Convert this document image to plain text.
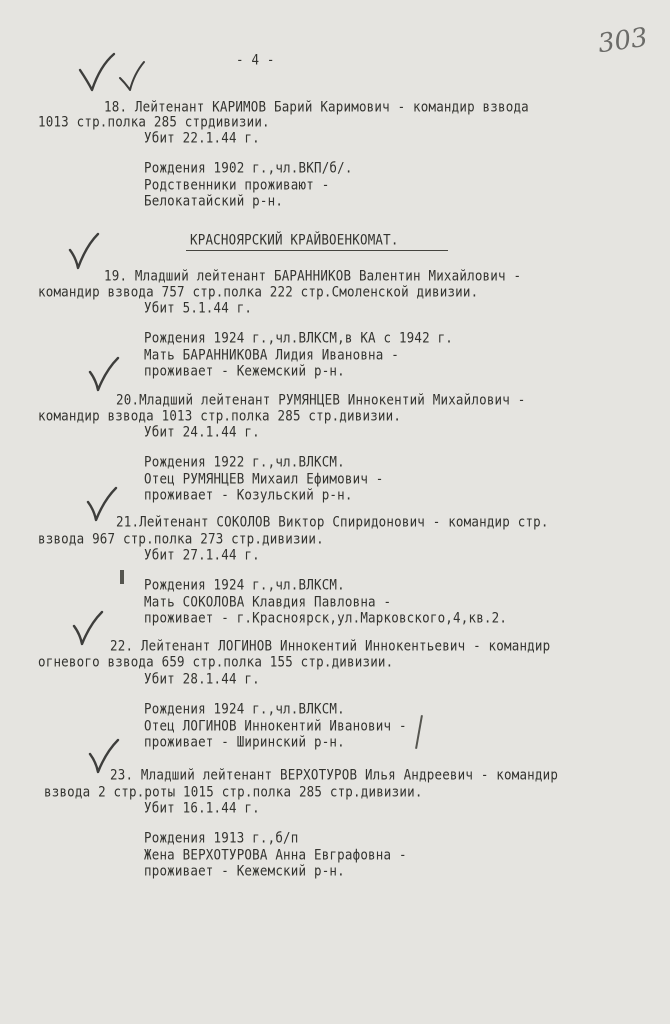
- 4 -	303
18. Лейтенант КАРИМОВ Барий Каримович - командир взвода
1013 стр.полка 285 стрдивизии.
Убит 22.1.44 г.
Рождения 1902 г.,чл.ВКП/б/.
Родственники проживают -
Белокатайский р-н.
КРАСНОЯРСКИЙ КРАЙВОЕНКОМАТ.
19. Младший лейтенант БАРАННИКОВ Валентин Михайлович -
командир взвода 757 стр.полка 222 стр.Смоленской дивизии.
Убит 5.1.44 г.
Рождения 1924 г.,чл.ВЛКСМ,в КА с 1942 г.
Мать БАРАННИКОВА Лидия Ивановна -
проживает - Кежемский р-н.
20.Младший лейтенант РУМЯНЦЕВ Иннокентий Михайлович -
командир взвода 1013 стр.полка 285 стр.дивизии.
Убит 24.1.44 г.
Рождения 1922 г.,чл.ВЛКСМ.
Отец РУМЯНЦЕВ Михаил Ефимович -
проживает - Козульский р-н.
21.Лейтенант СОКОЛОВ Виктор Спиридонович - командир стр.
взвода 967 стр.полка 273 стр.дивизии.
Убит 27.1.44 г.
Рождения 1924 г.,чл.ВЛКСМ.
Мать СОКОЛОВА Клавдия Павловна -
проживает - г.Красноярск,ул.Марковского,4,кв.2.
22. Лейтенант ЛОГИНОВ Иннокентий Иннокентьевич - командир
огневого взвода 659 стр.полка 155 стр.дивизии.
Убит 28.1.44 г.
Рождения 1924 г.,чл.ВЛКСМ.
Отец ЛОГИНОВ Иннокентий Иванович -
проживает - Ширинский р-н.
23. Младший лейтенант ВЕРХОТУРОВ Илья Андреевич - командир
взвода 2 стр.роты 1015 стр.полка 285 стр.дивизии.
Убит 16.1.44 г.
Рождения 1913 г.,б/п
Жена ВЕРХОТУРОВА Анна Евграфовна -
проживает - Кежемский р-н.
